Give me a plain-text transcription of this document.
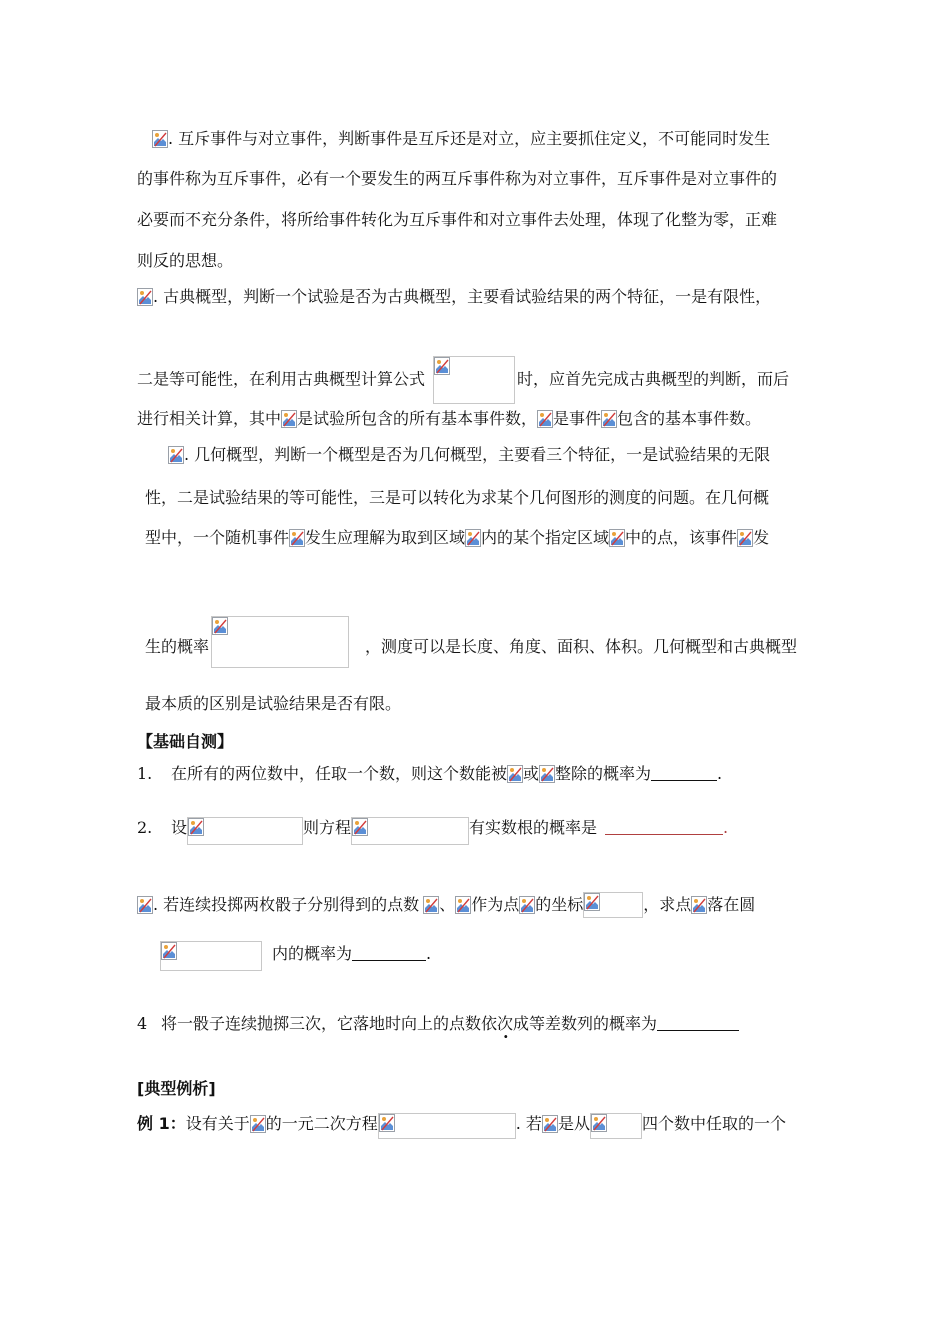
. 互斥事件与对立事件，判断事件是互斥还是对立，应主要抓住定义，不可能同时发生
的事件称为互斥事件，必有一个要发生的两互斥事件称为对立事件，互斥事件是对立事件的
必要而不充分条件，将所给事件转化为互斥事件和对立事件去处理，体现了化整为零，正难
则反的思想。
. 古典概型，判断一个试验是否为古典概型，主要看试验结果的两个特征，一是有限性，
二是等可能性，在利用古典概型计算公式	时，应首先完成古典概型的判断，而后
进行相关计算，其中 是试验所包含的所有基本事件数， 是事件 包含的基本事件数。
. 几何概型，判断一个概型是否为几何概型，主要看三个特征，一是试验结果的无限
性，二是试验结果的等可能性，三是可以转化为求某个几何图形的测度的问题。在几何概
型中，一个随机事件 发生应理解为取到区域 内的某个指定区域 中的点，该事件 发
生的概率	，测度可以是长度、角度、面积、体积。几何概型和古典概型
最本质的区别是试验结果是否有限。
【基础自测】
1. 在所有的两位数中，任取一个数，则这个数能被 或 整除的概率为	.
2. 设	则方程	有实数根的概率是	.
. 若连续投掷两枚骰子分别得到的点数 、 作为点 的坐标	，求点 落在圆
内的概率为	.
4 将一骰子连续抛掷三次，它落地时向上的点数依次成等差数列的概率为
[典型例析]
例 1：设有关于 的一元二次方程	. 若 是从	四个数中任取的一个
